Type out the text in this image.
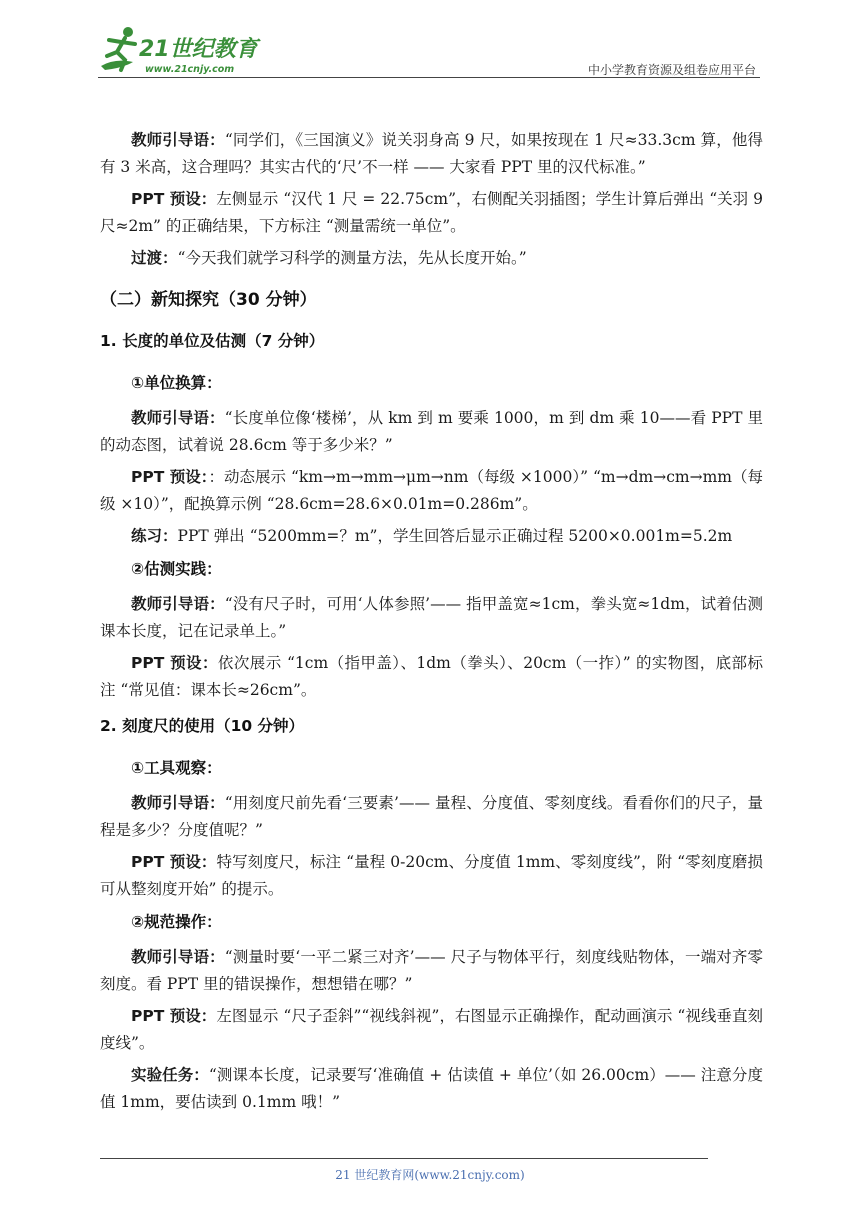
21世纪教育
www.21cnjy.com	中小学教育资源及组卷应用平台

教师引导语：“同学们，《三国演义》说关羽身高 9 尺，如果按现在 1 尺≈33.3cm 算，他得有 3 米高，这合理吗？其实古代的‘尺’不一样 —— 大家看 PPT 里的汉代标准。”

PPT 预设：左侧显示 “汉代 1 尺 = 22.75cm”，右侧配关羽插图；学生计算后弹出 “关羽 9 尺≈2m” 的正确结果，下方标注 “测量需统一单位”。

过渡：“今天我们就学习科学的测量方法，先从长度开始。”

（二）新知探究（30 分钟）
1. 长度的单位及估测（7 分钟）
①单位换算：

教师引导语：“长度单位像‘楼梯’，从 km 到 m 要乘 1000，m 到 dm 乘 10——看 PPT 里的动态图，试着说 28.6cm 等于多少米？”

PPT 预设：：动态展示 “km→m→mm→μm→nm（每级 ×1000）” “m→dm→cm→mm（每级 ×10）”，配换算示例 “28.6cm=28.6×0.01m=0.286m”。

练习：PPT 弹出 “5200mm=？m”，学生回答后显示正确过程 5200×0.001m=5.2m

②估测实践：

教师引导语：“没有尺子时，可用‘人体参照’—— 指甲盖宽≈1cm，拳头宽≈1dm，试着估测课本长度，记在记录单上。”

PPT 预设：依次展示 “1cm（指甲盖）、1dm（拳头）、20cm（一拃）” 的实物图，底部标注 “常见值：课本长≈26cm”。

2. 刻度尺的使用（10 分钟）
①工具观察：

教师引导语：“用刻度尺前先看‘三要素’—— 量程、分度值、零刻度线。看看你们的尺子，量程是多少？分度值呢？”

PPT 预设：特写刻度尺，标注 “量程 0-20cm、分度值 1mm、零刻度线”，附 “零刻度磨损可从整刻度开始” 的提示。

②规范操作：

教师引导语：“测量时要‘一平二紧三对齐’—— 尺子与物体平行，刻度线贴物体，一端对齐零刻度。看 PPT 里的错误操作，想想错在哪？”

PPT 预设：左图显示 “尺子歪斜”“视线斜视”，右图显示正确操作，配动画演示 “视线垂直刻度线”。

实验任务：“测课本长度，记录要写‘准确值 + 估读值 + 单位’（如 26.00cm）—— 注意分度值 1mm，要估读到 0.1mm 哦！”

21 世纪教育网(www.21cnjy.com)
